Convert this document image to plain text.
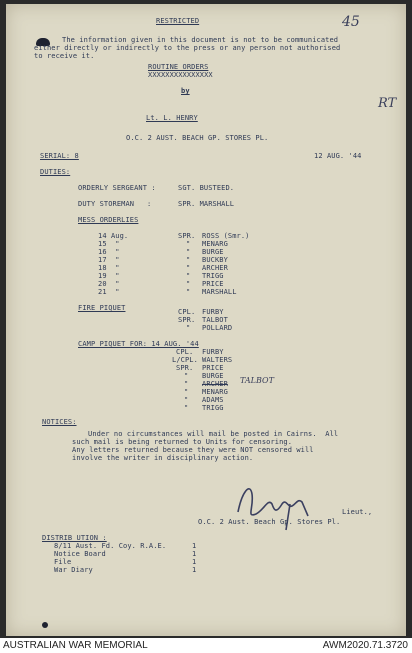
RESTRICTED	45
The information given in this document is not to be communicated
either directly or indirectly to the press or any person not authorised
to receive it.
ROUTINE ORDERS
XXXXXXXXXXXXXXX
by
Lt. L. HENRY
RT
O.C. 2 AUST. BEACH GP. STORES PL.
SERIAL: 8	12 AUG. '44
DUTIES:
ORDERLY SERGEANT :	SGT. BUSTEED.
DUTY STOREMAN   :	SPR. MARSHALL
MESS ORDERLIES
14 Aug.	SPR. ROSS (Smr.)
15  "	" MENARG
16  "	" BURGE
17  "	" BUCKBY
18  "	" ARCHER
19  "	" TRIGG
20  "	" PRICE
21  "	" MARSHALL
FIRE PIQUET	CPL. FURBY
SPR. TALBOT
" POLLARD
CAMP PIQUET FOR: 14 AUG. '44
CPL. FURBY
L/CPL. WALTERS
SPR. PRICE
" BURGE
" ARCHER TALBOT
" MENARG
" ADAMS
" TRIGG
NOTICES:
Under no circumstances will mail be posted in Cairns.  All
such mail is being returned to Units for censoring.
Any letters returned because they were NOT censored will
involve the writer in disciplinary action.
Lieut.,
O.C. 2 Aust. Beach Gp. Stores Pl.
DISTRIB UTION :
8/11 Aust. Fd. Coy. R.A.E.	1
Notice Board	1
File	1
War Diary	1
AUSTRALIAN WAR MEMORIAL	AWM2020.71.3720
